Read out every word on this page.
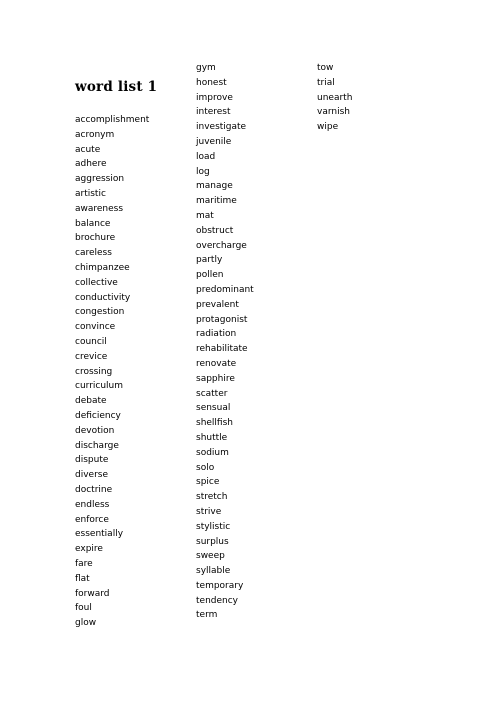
word list 1
accomplishment
acronym
acute
adhere
aggression
artistic
awareness
balance
brochure
careless
chimpanzee
collective
conductivity
congestion
convince
council
crevice
crossing
curriculum
debate
deficiency
devotion
discharge
dispute
diverse
doctrine
endless
enforce
essentially
expire
fare
flat
forward
foul
glow
gym
honest
improve
interest
investigate
juvenile
load
log
manage
maritime
mat
obstruct
overcharge
partly
pollen
predominant
prevalent
protagonist
radiation
rehabilitate
renovate
sapphire
scatter
sensual
shellfish
shuttle
sodium
solo
spice
stretch
strive
stylistic
surplus
sweep
syllable
temporary
tendency
term
tow
trial
unearth
varnish
wipe
